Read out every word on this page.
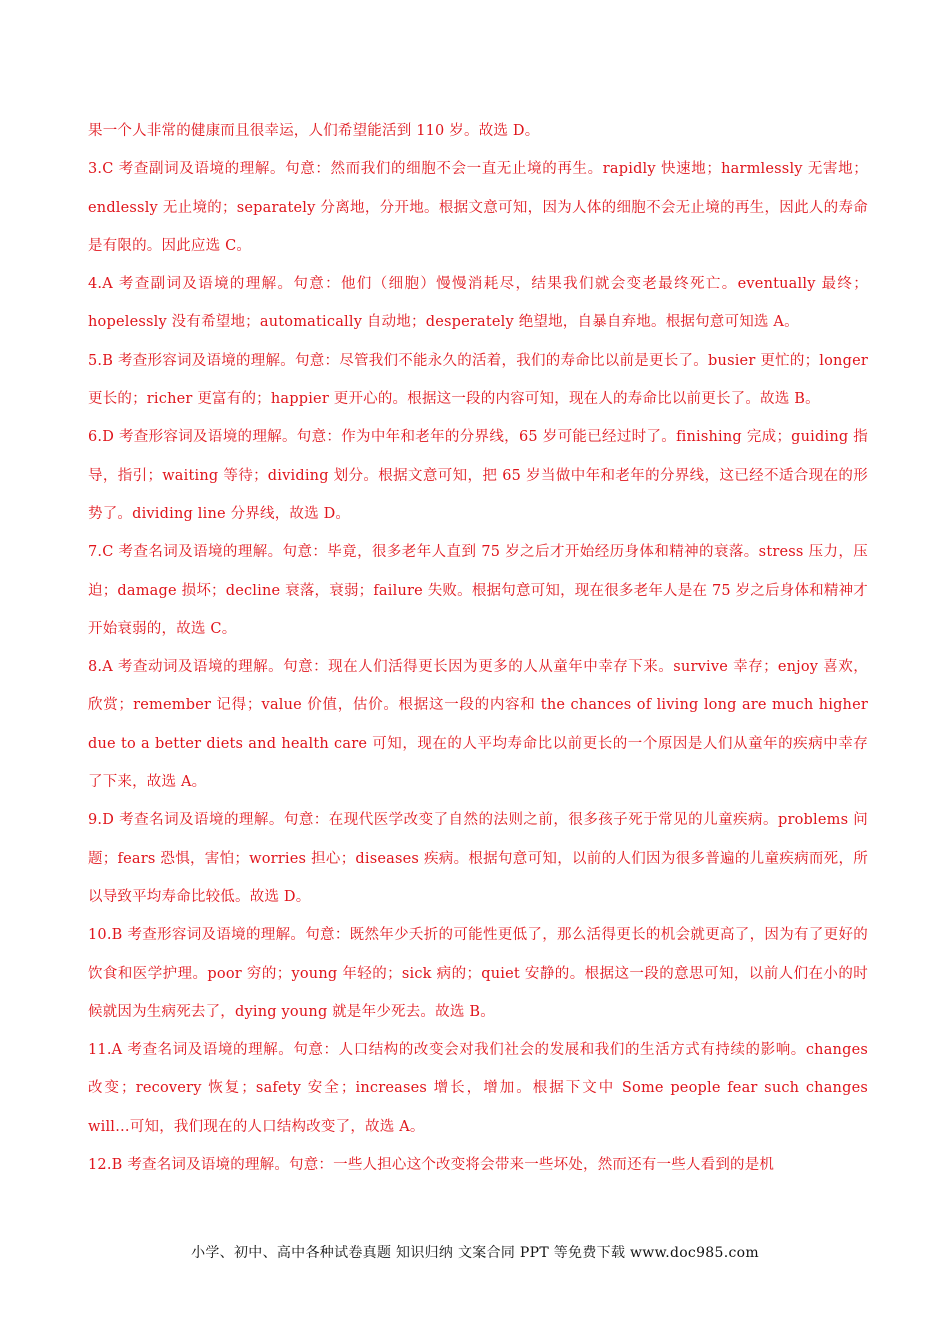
果一个人非常的健康而且很幸运，人们希望能活到 110 岁。故选 D。

3.C 考查副词及语境的理解。句意：然而我们的细胞不会一直无止境的再生。rapidly 快速地；harmlessly 无害地；endlessly 无止境的；separately 分离地，分开地。根据文意可知，因为人体的细胞不会无止境的再生，因此人的寿命是有限的。因此应选 C。

4.A 考查副词及语境的理解。句意：他们（细胞）慢慢消耗尽，结果我们就会变老最终死亡。eventually 最终；hopelessly 没有希望地；automatically 自动地；desperately 绝望地，自暴自弃地。根据句意可知选 A。

5.B 考查形容词及语境的理解。句意：尽管我们不能永久的活着，我们的寿命比以前是更长了。busier 更忙的；longer 更长的；richer 更富有的；happier 更开心的。根据这一段的内容可知，现在人的寿命比以前更长了。故选 B。

6.D 考查形容词及语境的理解。句意：作为中年和老年的分界线，65 岁可能已经过时了。finishing 完成；guiding 指导，指引；waiting 等待；dividing 划分。根据文意可知，把 65 岁当做中年和老年的分界线，这已经不适合现在的形势了。dividing line 分界线，故选 D。

7.C 考查名词及语境的理解。句意：毕竟，很多老年人直到 75 岁之后才开始经历身体和精神的衰落。stress 压力，压迫；damage 损坏；decline 衰落，衰弱；failure 失败。根据句意可知，现在很多老年人是在 75 岁之后身体和精神才开始衰弱的，故选 C。

8.A 考查动词及语境的理解。句意：现在人们活得更长因为更多的人从童年中幸存下来。survive 幸存；enjoy 喜欢，欣赏；remember 记得；value 价值，估价。根据这一段的内容和 the chances of living long are much higher due to a better diets and health care 可知，现在的人平均寿命比以前更长的一个原因是人们从童年的疾病中幸存了下来，故选 A。

9.D 考查名词及语境的理解。句意：在现代医学改变了自然的法则之前，很多孩子死于常见的儿童疾病。problems 问题；fears 恐惧，害怕；worries 担心；diseases 疾病。根据句意可知，以前的人们因为很多普遍的儿童疾病而死，所以导致平均寿命比较低。故选 D。

10.B 考查形容词及语境的理解。句意：既然年少夭折的可能性更低了，那么活得更长的机会就更高了，因为有了更好的饮食和医学护理。poor 穷的；young 年轻的；sick 病的；quiet 安静的。根据这一段的意思可知，以前人们在小的时候就因为生病死去了，dying young 就是年少死去。故选 B。

11.A 考查名词及语境的理解。句意：人口结构的改变会对我们社会的发展和我们的生活方式有持续的影响。changes 改变；recovery 恢复；safety 安全；increases 增长，增加。根据下文中 Some people fear such changes will…可知，我们现在的人口结构改变了，故选 A。

12.B 考查名词及语境的理解。句意：一些人担心这个改变将会带来一些坏处，然而还有一些人看到的是机

小学、初中、高中各种试卷真题 知识归纳 文案合同 PPT 等免费下载 www.doc985.com
